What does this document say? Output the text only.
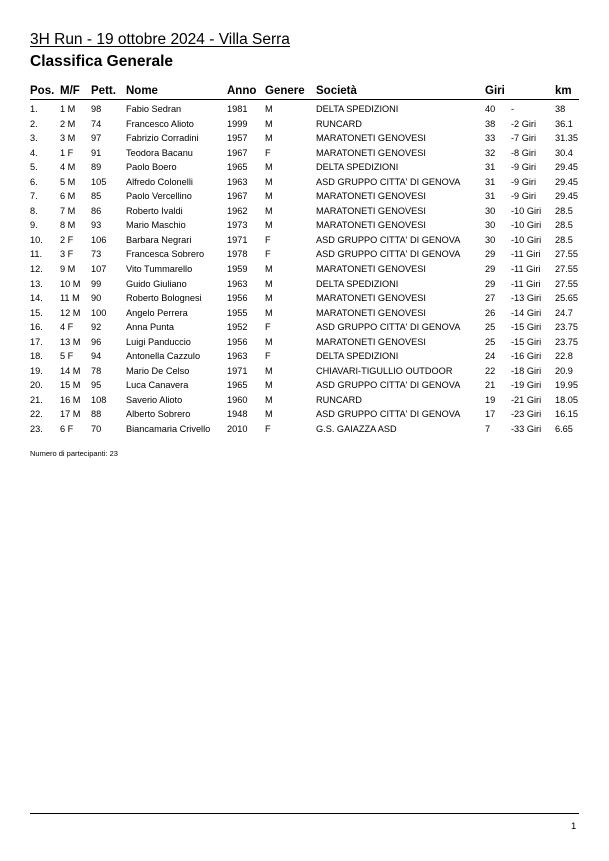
3H Run - 19 ottobre 2024 - Villa Serra
Classifica Generale
Pos. M/F Pett. Nome	Anno Genere Società	Giri	km
1. 1 M 98	Fabio Sedran	1981 M	DELTA SPEDIZIONI	40 -	38
2. 2 M 74	Francesco Alioto	1999 M	RUNCARD	38 -2 Giri 36.1
3. 3 M 97	Fabrizio Corradini	1957 M	MARATONETI GENOVESI	33 -7 Giri 31.35
4. 1 F 91	Teodora Bacanu	1967 F	MARATONETI GENOVESI	32 -8 Giri 30.4
5. 4 M 89	Paolo Boero	1965 M	DELTA SPEDIZIONI	31 -9 Giri 29.45
6. 5 M 105 Alfredo Colonelli	1963 M	ASD GRUPPO CITTA' DI GENOVA	31 -9 Giri 29.45
7. 6 M 85	Paolo Vercellino	1967 M	MARATONETI GENOVESI	31 -9 Giri 29.45
8. 7 M 86	Roberto Ivaldi	1962 M	MARATONETI GENOVESI	30 -10 Giri 28.5
9. 8 M 93	Mario Maschio	1973 M	MARATONETI GENOVESI	30 -10 Giri 28.5
10. 2 F 106 Barbara Negrari	1971 F	ASD GRUPPO CITTA' DI GENOVA	30 -10 Giri 28.5
11. 3 F 73	Francesca Sobrero 1978 F	ASD GRUPPO CITTA' DI GENOVA	29 -11 Giri 27.55
12. 9 M 107 Vito Tummarello	1959 M	MARATONETI GENOVESI	29 -11 Giri 27.55
13. 10 M 99	Guido Giuliano	1963 M	DELTA SPEDIZIONI	29 -11 Giri 27.55
14. 11 M 90	Roberto Bolognesi	1956 M	MARATONETI GENOVESI	27 -13 Giri 25.65
15. 12 M 100 Angelo Perrera	1955 M	MARATONETI GENOVESI	26 -14 Giri 24.7
16. 4 F 92	Anna Punta	1952 F	ASD GRUPPO CITTA' DI GENOVA	25 -15 Giri 23.75
17. 13 M 96	Luigi Panduccio	1956 M	MARATONETI GENOVESI	25 -15 Giri 23.75
18. 5 F 94	Antonella Cazzulo	1963 F	DELTA SPEDIZIONI	24 -16 Giri 22.8
19. 14 M 78	Mario De Celso	1971 M	CHIAVARI-TIGULLIO OUTDOOR	22 -18 Giri 20.9
20. 15 M 95	Luca Canavera	1965 M	ASD GRUPPO CITTA' DI GENOVA	21 -19 Giri 19.95
21. 16 M 108 Saverio Alioto	1960 M	RUNCARD	19 -21 Giri 18.05
22. 17 M 88	Alberto Sobrero	1948 M	ASD GRUPPO CITTA' DI GENOVA	17 -23 Giri 16.15
23. 6 F 70	Biancamaria Crivello 2010 F	G.S. GAIAZZA ASD	7 -33 Giri 6.65
Numero di partecipanti: 23
1
